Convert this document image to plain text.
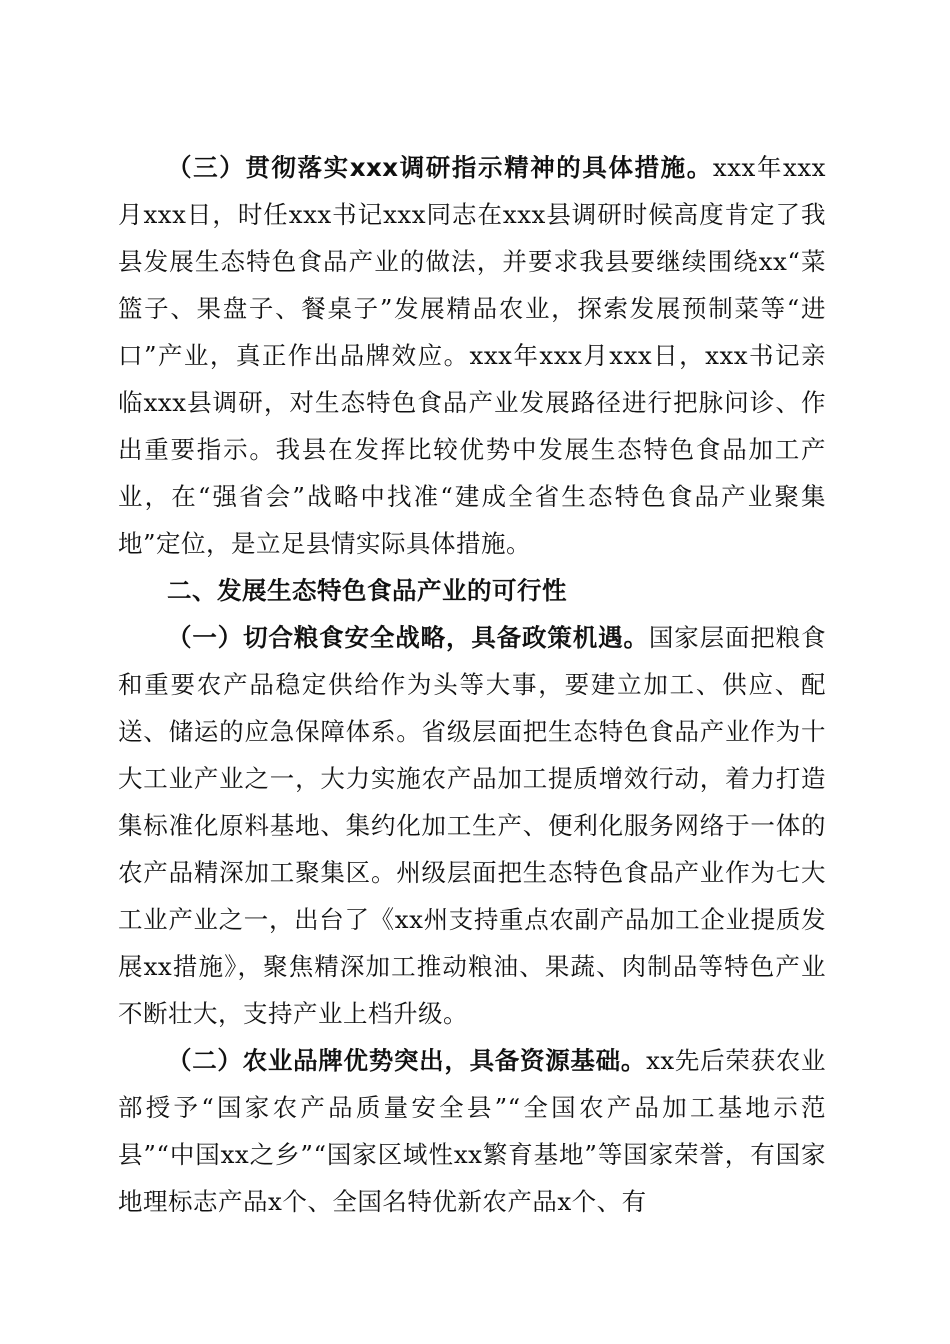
（三）贯彻落实xxx调研指示精神的具体措施。xxx年xxx月xxx日，时任xxx书记xxx同志在xxx县调研时候高度肯定了我县发展生态特色食品产业的做法，并要求我县要继续围绕xx“菜篮子、果盘子、餐桌子”发展精品农业，探索发展预制菜等“进口”产业，真正作出品牌效应。xxx年xxx月xxx日，xxx书记亲临xxx县调研，对生态特色食品产业发展路径进行把脉问诊、作出重要指示。我县在发挥比较优势中发展生态特色食品加工产业，在“强省会”战略中找准“建成全省生态特色食品产业聚集地”定位，是立足县情实际具体措施。

二、发展生态特色食品产业的可行性

（一）切合粮食安全战略，具备政策机遇。国家层面把粮食和重要农产品稳定供给作为头等大事，要建立加工、供应、配送、储运的应急保障体系。省级层面把生态特色食品产业作为十大工业产业之一，大力实施农产品加工提质增效行动，着力打造集标准化原料基地、集约化加工生产、便利化服务网络于一体的农产品精深加工聚集区。州级层面把生态特色食品产业作为七大工业产业之一，出台了《xx州支持重点农副产品加工企业提质发展xx措施》，聚焦精深加工推动粮油、果蔬、肉制品等特色产业不断壮大，支持产业上档升级。

（二）农业品牌优势突出，具备资源基础。xx先后荣获农业部授予“国家农产品质量安全县”“全国农产品加工基地示范县”“中国xx之乡”“国家区域性xx繁育基地”等国家荣誉，有国家地理标志产品x个、全国名特优新农产品x个、有
